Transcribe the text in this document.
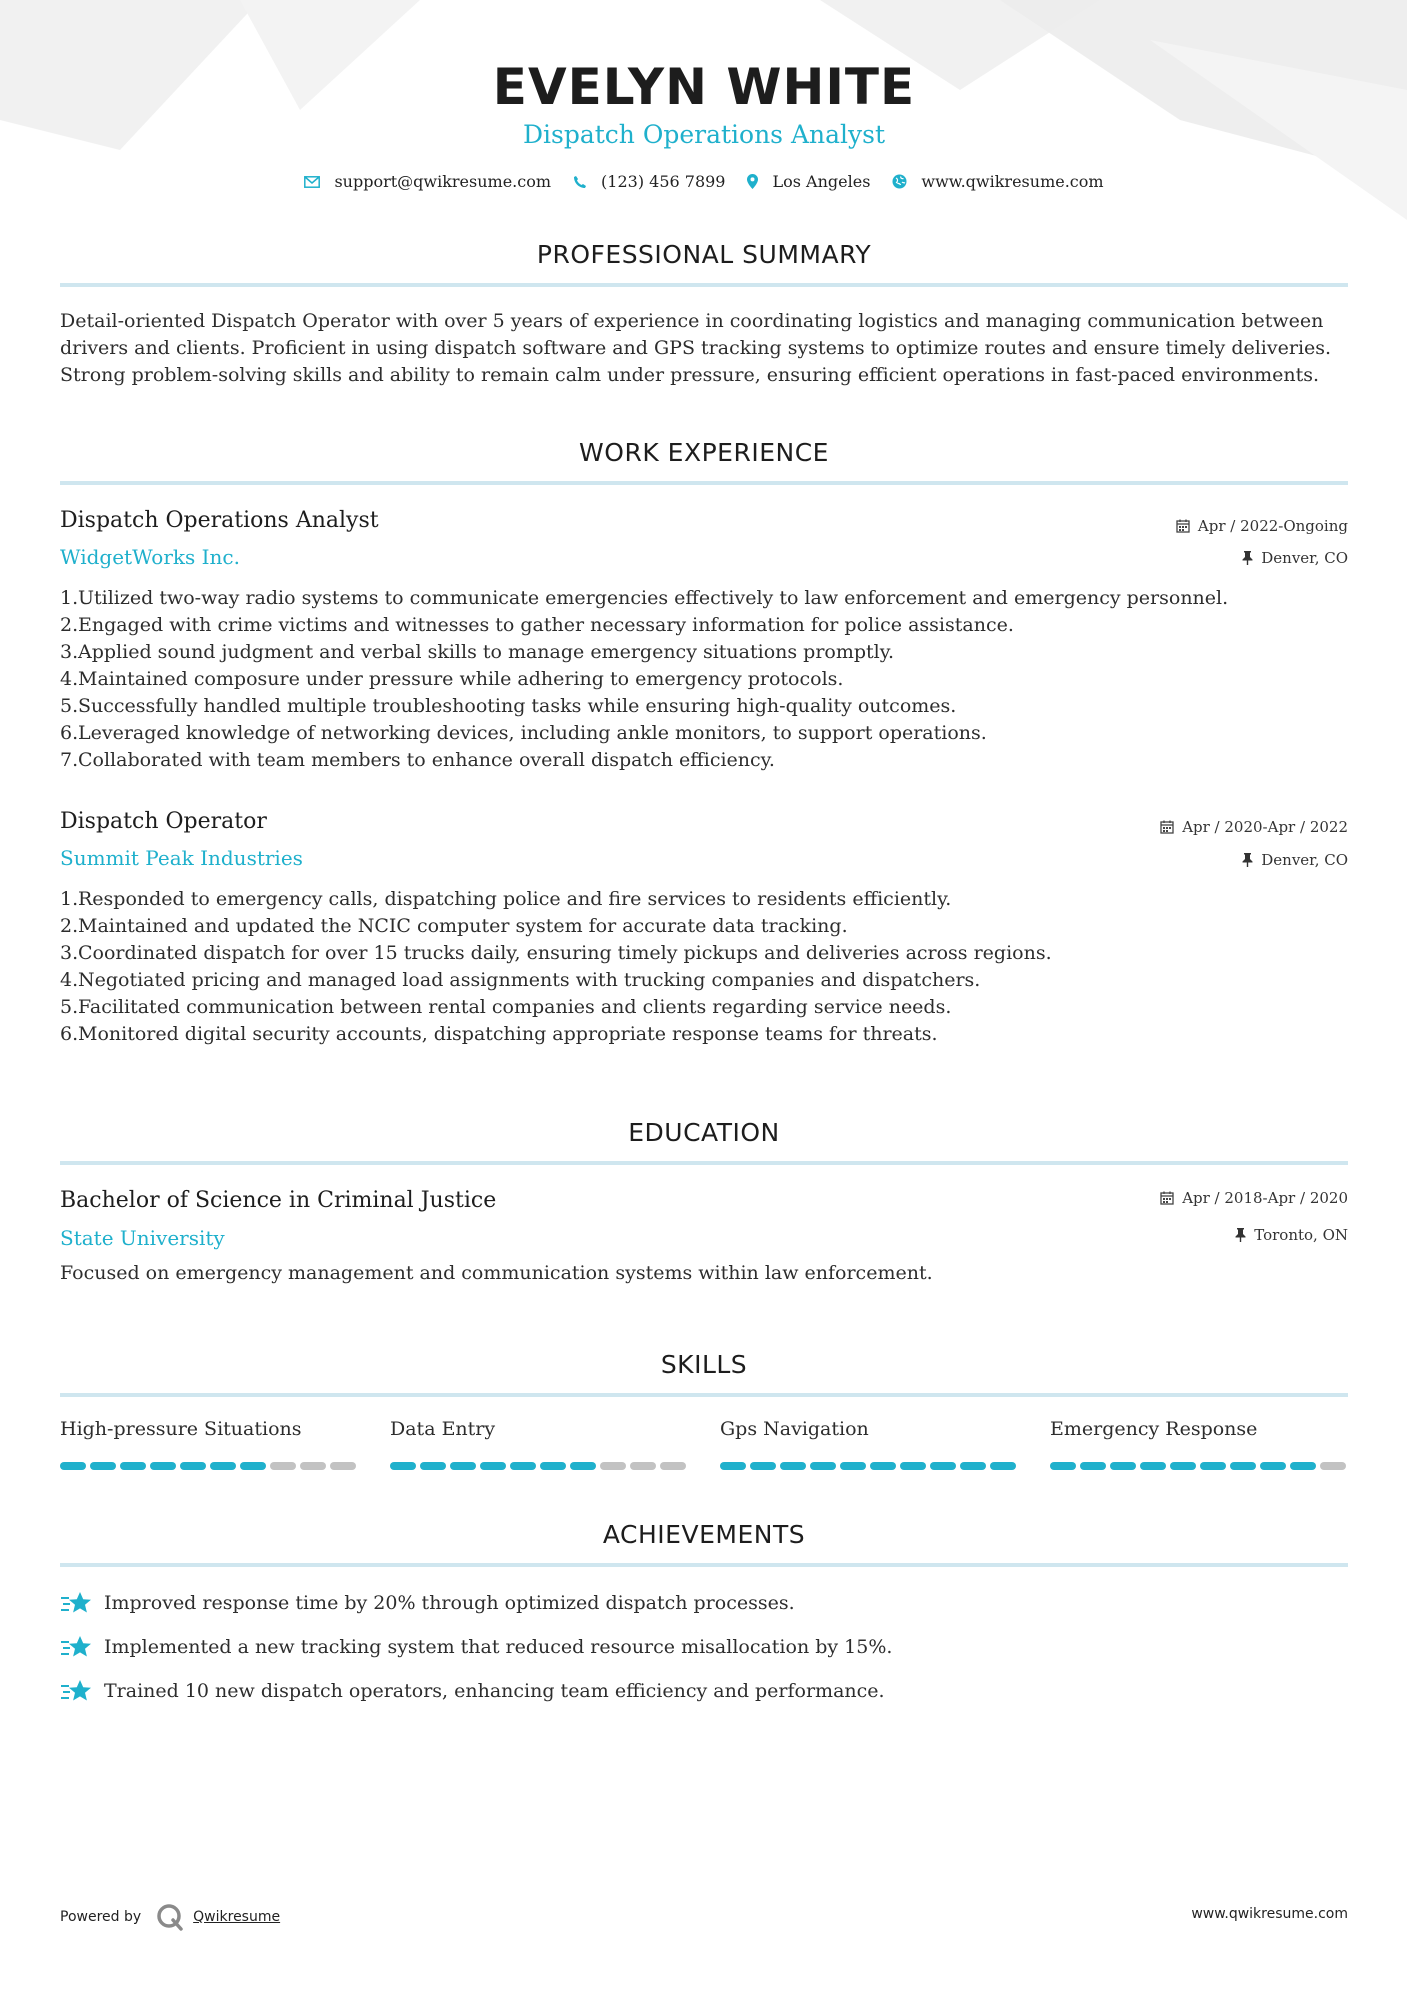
EVELYN WHITE
Dispatch Operations Analyst
support@qwikresume.com	(123) 456 7899	Los Angeles	www.qwikresume.com
PROFESSIONAL SUMMARY
Detail-oriented Dispatch Operator with over 5 years of experience in coordinating logistics and managing communication between
drivers and clients. Proficient in using dispatch software and GPS tracking systems to optimize routes and ensure timely deliveries.
Strong problem-solving skills and ability to remain calm under pressure, ensuring efficient operations in fast-paced environments.
WORK EXPERIENCE
Dispatch Operations Analyst
WidgetWorks Inc.
Apr / 2022-Ongoing
Denver, CO
1. Utilized two-way radio systems to communicate emergencies effectively to law enforcement and emergency personnel.
2. Engaged with crime victims and witnesses to gather necessary information for police assistance.
3. Applied sound judgment and verbal skills to manage emergency situations promptly.
4. Maintained composure under pressure while adhering to emergency protocols.
5. Successfully handled multiple troubleshooting tasks while ensuring high-quality outcomes.
6. Leveraged knowledge of networking devices, including ankle monitors, to support operations.
7. Collaborated with team members to enhance overall dispatch efficiency.
Dispatch Operator
Summit Peak Industries
Apr / 2020-Apr / 2022
Denver, CO
1. Responded to emergency calls, dispatching police and fire services to residents efficiently.
2. Maintained and updated the NCIC computer system for accurate data tracking.
3. Coordinated dispatch for over 15 trucks daily, ensuring timely pickups and deliveries across regions.
4. Negotiated pricing and managed load assignments with trucking companies and dispatchers.
5. Facilitated communication between rental companies and clients regarding service needs.
6. Monitored digital security accounts, dispatching appropriate response teams for threats.
EDUCATION
Bachelor of Science in Criminal Justice
State University
Apr / 2018-Apr / 2020
Toronto, ON
Focused on emergency management and communication systems within law enforcement.
SKILLS
High-pressure Situations	Data Entry	Gps Navigation	Emergency Response
ACHIEVEMENTS
Improved response time by 20% through optimized dispatch processes.
Implemented a new tracking system that reduced resource misallocation by 15%.
Trained 10 new dispatch operators, enhancing team efficiency and performance.
Powered by	Qwikresume	www.qwikresume.com
